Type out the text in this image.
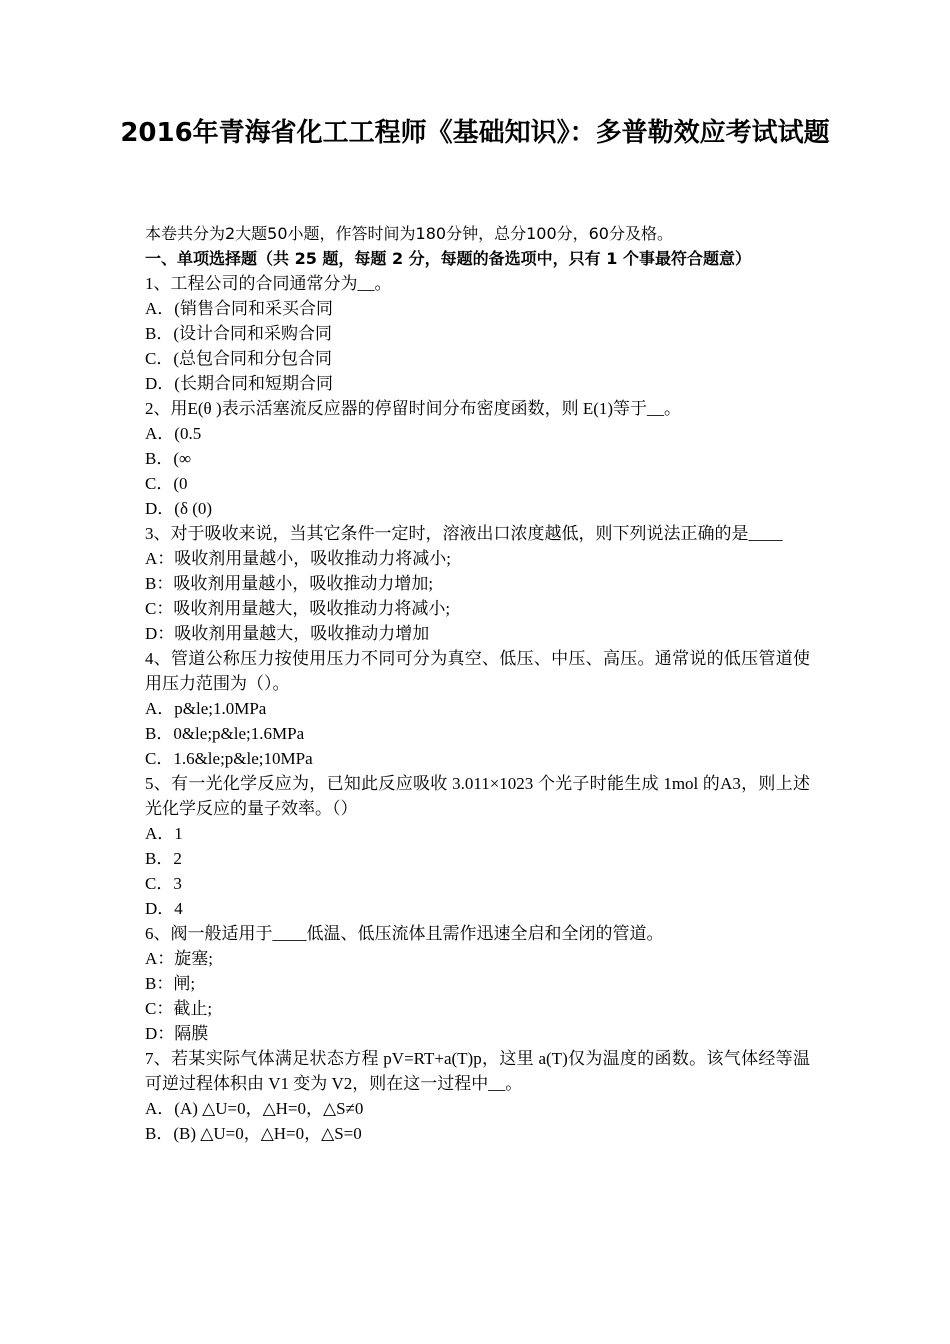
2016年青海省化工工程师《基础知识》：多普勒效应考试试题
本卷共分为2大题50小题，作答时间为180分钟，总分100分，60分及格。
一、单项选择题（共 25 题，每题 2 分，每题的备选项中，只有 1 个事最符合题意）
1、工程公司的合同通常分为__。
A．(销售合同和采买合同
B．(设计合同和采购合同
C．(总包合同和分包合同
D．(长期合同和短期合同
2、用E(θ )表示活塞流反应器的停留时间分布密度函数，则 E(1)等于__。
A．(0.5
B．(∞
C．(0
D．(δ (0)
3、对于吸收来说，当其它条件一定时，溶液出口浓度越低，则下列说法正确的是____
A：吸收剂用量越小，吸收推动力将减小;
B：吸收剂用量越小，吸收推动力增加;
C：吸收剂用量越大，吸收推动力将减小;
D：吸收剂用量越大，吸收推动力增加
4、管道公称压力按使用压力不同可分为真空、低压、中压、高压。通常说的低压管道使用压力范围为（）。
A．p&le;1.0MPa
B．0&le;p&le;1.6MPa
C．1.6&le;p&le;10MPa
5、有一光化学反应为，已知此反应吸收 3.011×1023 个光子时能生成 1mol 的A3，则上述光化学反应的量子效率。（）
A．1
B．2
C．3
D．4
6、阀一般适用于____低温、低压流体且需作迅速全启和全闭的管道。
A：旋塞;
B：闸;
C：截止;
D：隔膜
7、若某实际气体满足状态方程 pV=RT+a(T)p，这里 a(T)仅为温度的函数。该气体经等温可逆过程体积由 V1 变为 V2，则在这一过程中__。
A．(A) △U=0，△H=0，△S≠0
B．(B) △U=0，△H=0，△S=0
